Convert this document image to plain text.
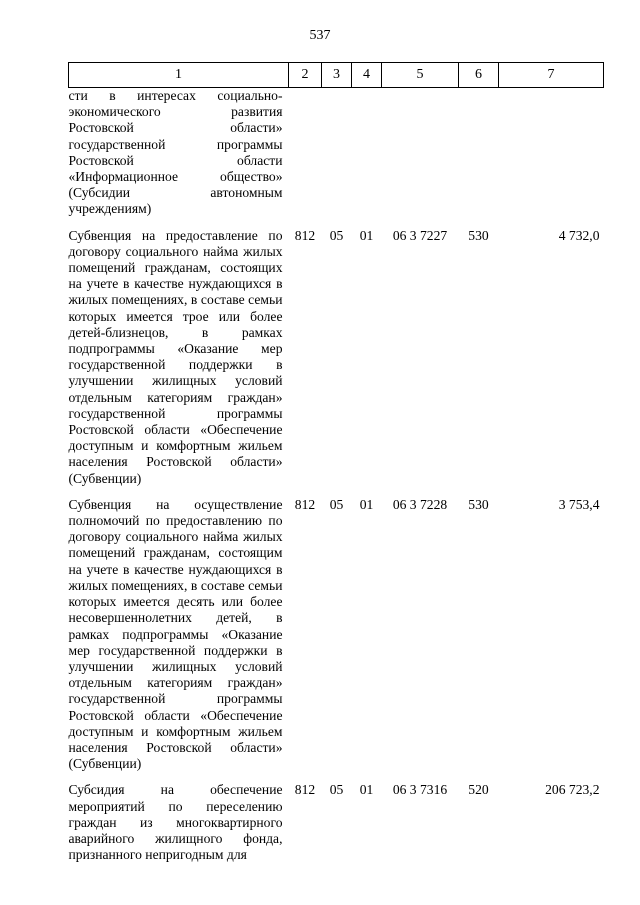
537
1	2	3	4	5	6	7
сти в интересах социально-экономического развития Ростовской области» государственной программы Ростовской области «Информационное общество» (Субсидии автономным учреждениям)						
Субвенция на предоставление по договору социального найма жилых помещений гражданам, состоящих на учете в качестве нуждающихся в жилых помещениях, в составе семьи которых имеется трое или более детей-близнецов, в рамках подпрограммы «Оказание мер государственной поддержки в улучшении жилищных условий отдельным категориям граждан» государственной программы Ростовской области «Обеспечение доступным и комфортным жильем населения Ростовской области» (Субвенции)	812	05	01	06 3 7227	530	4 732,0
Субвенция на осуществление полномочий по предоставлению по договору социального найма жилых помещений гражданам, состоящим на учете в качестве нуждающихся в жилых помещениях, в составе семьи которых имеется десять или более несовершеннолетних детей, в рамках подпрограммы «Оказание мер государственной поддержки в улучшении жилищных условий отдельным категориям граждан» государственной программы Ростовской области «Обеспечение доступным и комфортным жильем населения Ростовской области» (Субвенции)	812	05	01	06 3 7228	530	3 753,4
Субсидия на обеспечение мероприятий по переселению граждан из многоквартирного аварийного жилищного фонда, признанного непригодным для	812	05	01	06 3 7316	520	206 723,2
